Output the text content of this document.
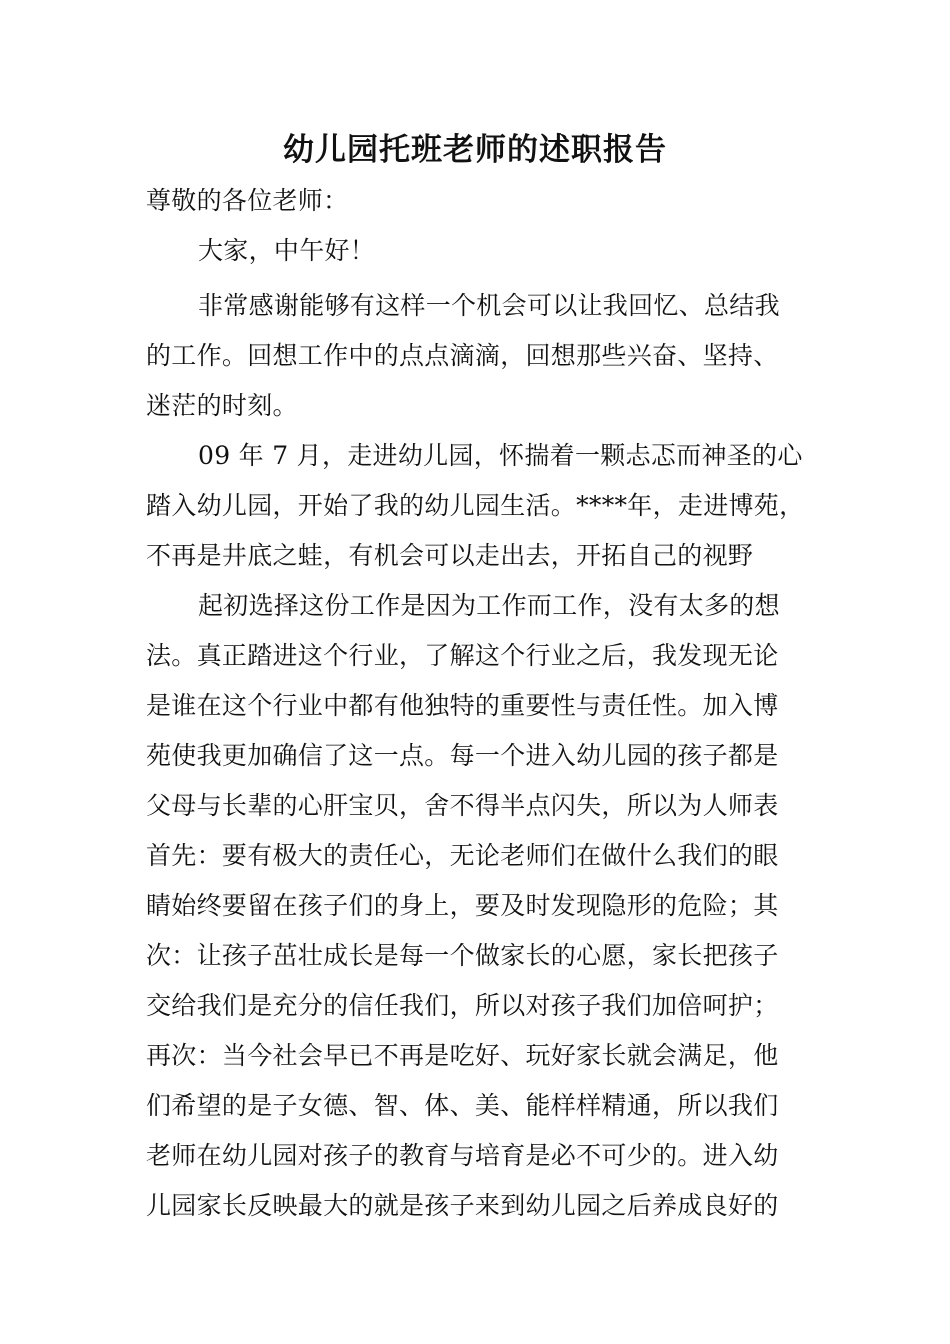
幼儿园托班老师的述职报告
尊敬的各位老师：
大家，中午好！
非常感谢能够有这样一个机会可以让我回忆、总结我
的工作。回想工作中的点点滴滴，回想那些兴奋、坚持、
迷茫的时刻。
09 年 7 月，走进幼儿园，怀揣着一颗忐忑而神圣的心
踏入幼儿园，开始了我的幼儿园生活。****年，走进博苑，
不再是井底之蛙，有机会可以走出去，开拓自己的视野
起初选择这份工作是因为工作而工作，没有太多的想
法。真正踏进这个行业，了解这个行业之后，我发现无论
是谁在这个行业中都有他独特的重要性与责任性。加入博
苑使我更加确信了这一点。每一个进入幼儿园的孩子都是
父母与长辈的心肝宝贝，舍不得半点闪失，所以为人师表
首先：要有极大的责任心，无论老师们在做什么我们的眼
睛始终要留在孩子们的身上，要及时发现隐形的危险；其
次：让孩子茁壮成长是每一个做家长的心愿，家长把孩子
交给我们是充分的信任我们，所以对孩子我们加倍呵护；
再次：当今社会早已不再是吃好、玩好家长就会满足，他
们希望的是子女德、智、体、美、能样样精通，所以我们
老师在幼儿园对孩子的教育与培育是必不可少的。进入幼
儿园家长反映最大的就是孩子来到幼儿园之后养成良好的
